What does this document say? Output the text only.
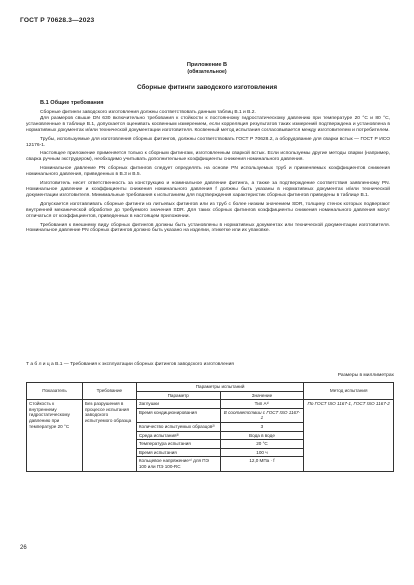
ГОСТ Р 70628.3—2023
Приложение В
(обязательное)
Сборные фитинги заводского изготовления
В.1 Общие требования

Сборные фитинги заводского изготовления должны соответствовать данным таблиц В.1 и В.2.

Для размеров свыше DN 630 включительно требования к стойкости к постоянному гидростатическому давлению при температуре 20 °С и 80 °С, установленные в таблице В.1, допускается оценивать косвенным измерением, если корреляция результатов таких измерений подтверждена и установлена в нормативных документах и/или технической документации изготовителя. Косвенный метод испытания согласовывается между изготовителем и потребителем.

Трубы, используемые для изготовления сборных фитингов, должны соответствовать ГОСТ Р 70628.2, а оборудование для сварки встык — ГОСТ Р ИСО 12176-1.

Настоящее приложение применяется только к сборным фитингам, изготовленным сваркой встык. Если используемы другие методы сварки (например, сварка ручным экструдером), необходимо учитывать дополнительные коэффициенты снижения номинального давления.

Номинальное давление PN сборных фитингов следует определять на основе PN используемых труб и применяемых коэффициентов снижения номинального давления, приведенных в В.3 и В.5.

Изготовитель несет ответственность за конструкцию и номинальное давление фитинга, а также за подтверждение соответствия заявленному PN. Номинальное давление и коэффициенты снижения номинального давления f должны быть указаны в нормативных документах и/или технической документации изготовителя. Минимальные требования к испытаниям для подтверждения характеристик сборных фитингов приведены в таблице В.1.

Допускается изготавливать сборные фитинги из литьевых фитингов или из труб с более низким значением SDR, толщину стенок которых подвергают внутренней механической обработке до требуемого значения SDR. Для таких сборных фитингов коэффициенты снижения номинального давления могут отличаться от коэффициентов, приведенных в настоящем приложении.

Требования к внешнему виду сборных фитингов должны быть установлены в нормативных документах или технической документации изготовителя. Номинальное давление PN сборных фитингов должно быть указано на изделии, этикетке или их упаковке.

Т а б л и ц а В.1 — Требования к эксплуатации сборных фитингов заводского изготовления
Размеры в миллиметрах
Показатель	Требование	Параметры испытаний		Метод испытания
		Параметр	Значение	
Стойкость к внутреннему гидростатическому давлению при температуре 20 °С	Без разрушения в процессе испытания заводского испытуемого образца	Заглушки	Тип A¹⁾	По ГОСТ ISO 1167-1, ГОСТ ISO 1167-2
		Время кондиционирования	В соответствии с ГОСТ ISO 1167-1	
		Количество испытуемых образцов²⁾	3	
		Среда испытания³⁾	Вода в воде	
		Температура испытания	20 °С	
		Время испытания	100 ч	
		Кольцевое напряжение⁴⁾ для ПЭ 100 или ПЭ 100-RC	12,0 МПа · f	
26
